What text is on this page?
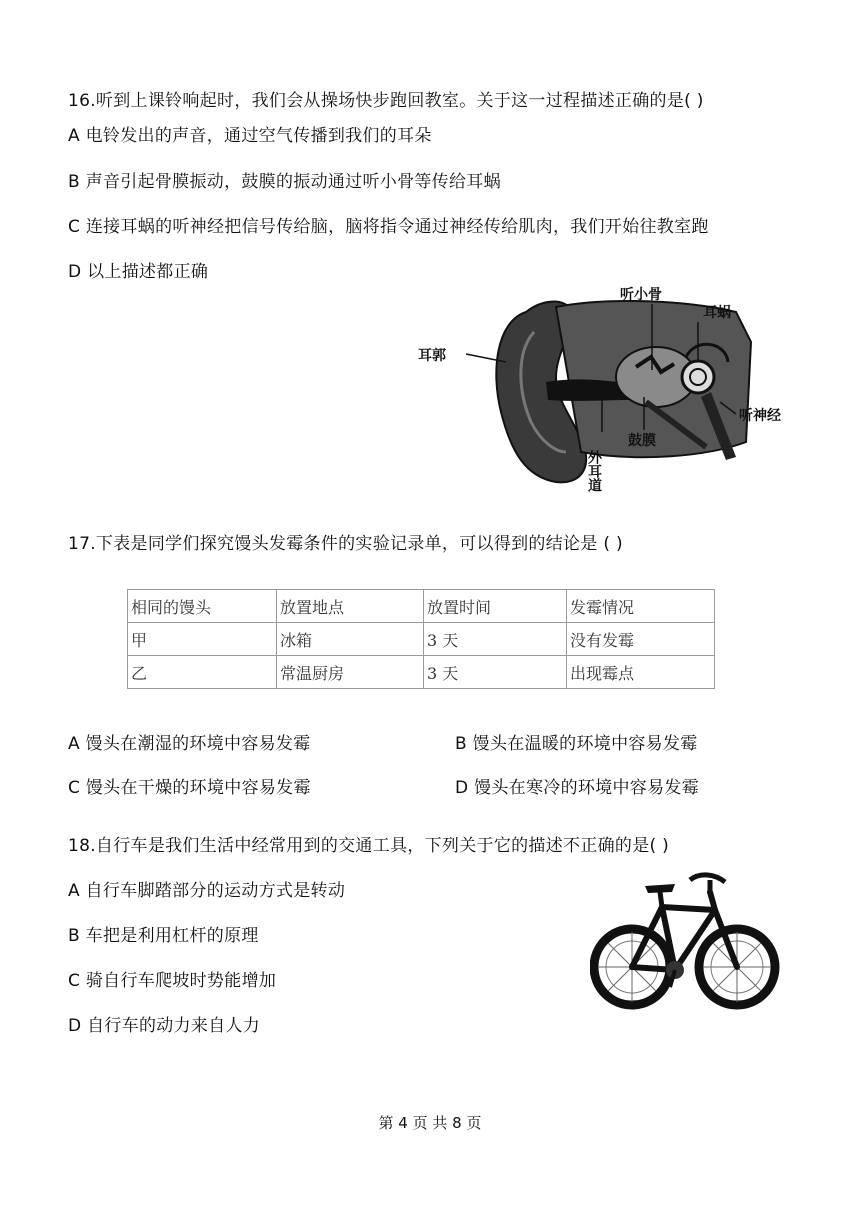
16.听到上课铃响起时，我们会从操场快步跑回教室。关于这一过程描述正确的是( )
A 电铃发出的声音，通过空气传播到我们的耳朵
B 声音引起骨膜振动，鼓膜的振动通过听小骨等传给耳蜗
C 连接耳蜗的听神经把信号传给脑，脑将指令通过神经传给肌肉，我们开始往教室跑
D 以上描述都正确
听小骨
耳蜗
耳郭
听神经
鼓膜
外耳道
17.下表是同学们探究馒头发霉条件的实验记录单，可以得到的结论是 ( )
相同的馒头	放置地点	放置时间	发霉情况
甲	冰箱	3 天	没有发霉
乙	常温厨房	3 天	出现霉点
A 馒头在潮湿的环境中容易发霉	B 馒头在温暖的环境中容易发霉
C 馒头在干燥的环境中容易发霉	D 馒头在寒冷的环境中容易发霉
18.自行车是我们生活中经常用到的交通工具，下列关于它的描述不正确的是( )
A 自行车脚踏部分的运动方式是转动
B 车把是利用杠杆的原理
C 骑自行车爬坡时势能增加
D 自行车的动力来自人力
第 4 页 共 8 页
